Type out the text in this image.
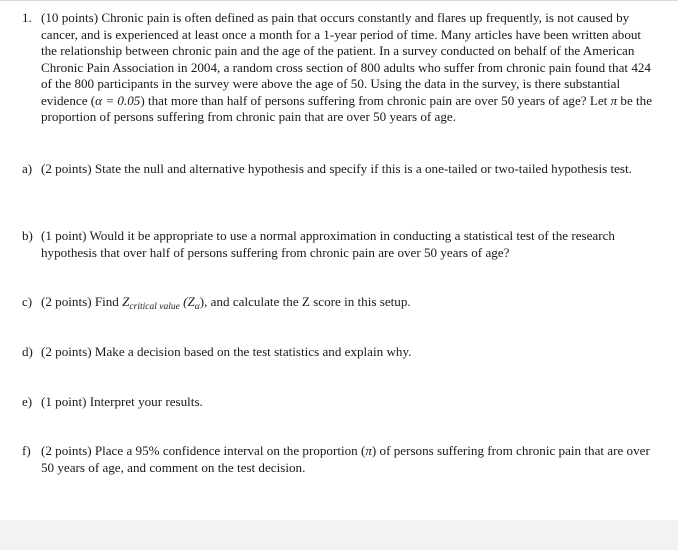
1. (10 points) Chronic pain is often defined as pain that occurs constantly and flares up frequently, is not caused by cancer, and is experienced at least once a month for a 1-year period of time. Many articles have been written about the relationship between chronic pain and the age of the patient. In a survey conducted on behalf of the American Chronic Pain Association in 2004, a random cross section of 800 adults who suffer from chronic pain found that 424 of the 800 participants in the survey were above the age of 50. Using the data in the survey, is there substantial evidence (α = 0.05) that more than half of persons suffering from chronic pain are over 50 years of age? Let π be the proportion of persons suffering from chronic pain that are over 50 years of age.
a) (2 points) State the null and alternative hypothesis and specify if this is a one-tailed or two-tailed hypothesis test.
b) (1 point) Would it be appropriate to use a normal approximation in conducting a statistical test of the research hypothesis that over half of persons suffering from chronic pain are over 50 years of age?
c) (2 points) Find $Z_{critical value}$ $(Z_\alpha)$, and calculate the Z score in this setup.
d) (2 points) Make a decision based on the test statistics and explain why.
e) (1 point) Interpret your results.
f) (2 points) Place a 95% confidence interval on the proportion (π) of persons suffering from chronic pain that are over 50 years of age, and comment on the test decision.
